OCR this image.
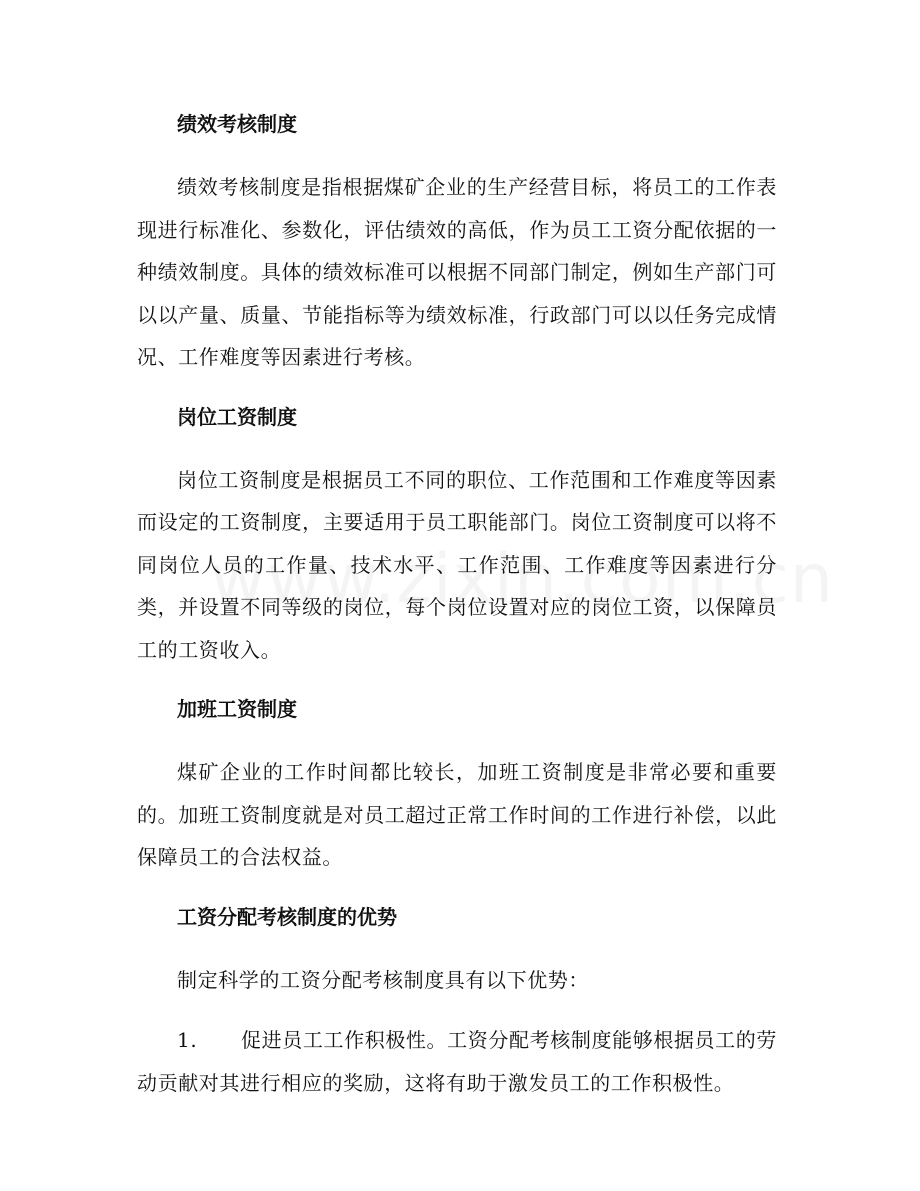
绩效考核制度

绩效考核制度是指根据煤矿企业的生产经营目标，将员工的工作表现进行标准化、参数化，评估绩效的高低，作为员工工资分配依据的一种绩效制度。具体的绩效标准可以根据不同部门制定，例如生产部门可以以产量、质量、节能指标等为绩效标准，行政部门可以以任务完成情况、工作难度等因素进行考核。

岗位工资制度

岗位工资制度是根据员工不同的职位、工作范围和工作难度等因素而设定的工资制度，主要适用于员工职能部门。岗位工资制度可以将不同岗位人员的工作量、技术水平、工作范围、工作难度等因素进行分类，并设置不同等级的岗位，每个岗位设置对应的岗位工资，以保障员工的工资收入。

加班工资制度

煤矿企业的工作时间都比较长，加班工资制度是非常必要和重要的。加班工资制度就是对员工超过正常工作时间的工作进行补偿，以此保障员工的合法权益。

工资分配考核制度的优势

制定科学的工资分配考核制度具有以下优势：

1. 促进员工工作积极性。工资分配考核制度能够根据员工的劳动贡献对其进行相应的奖励，这将有助于激发员工的工作积极性。
